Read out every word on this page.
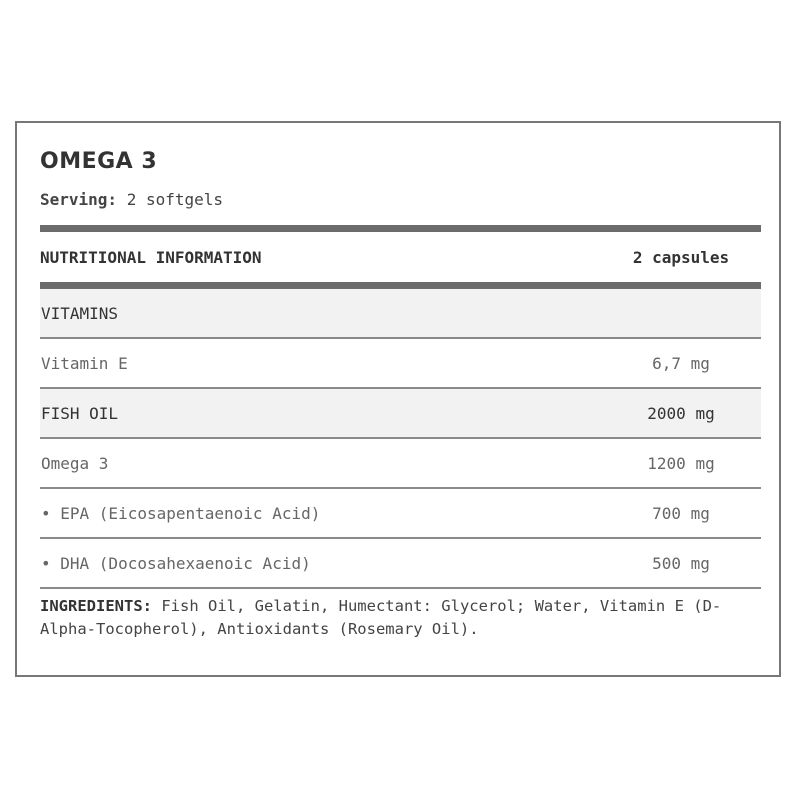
OMEGA 3
Serving: 2 softgels
NUTRITIONAL INFORMATION	2 capsules
VITAMINS
Vitamin E	6,7 mg
FISH OIL	2000 mg
Omega 3	1200 mg
• EPA (Eicosapentaenoic Acid)	700 mg
• DHA (Docosahexaenoic Acid)	500 mg
INGREDIENTS: Fish Oil, Gelatin, Humectant: Glycerol; Water, Vitamin E (D-Alpha-Tocopherol), Antioxidants (Rosemary Oil).
